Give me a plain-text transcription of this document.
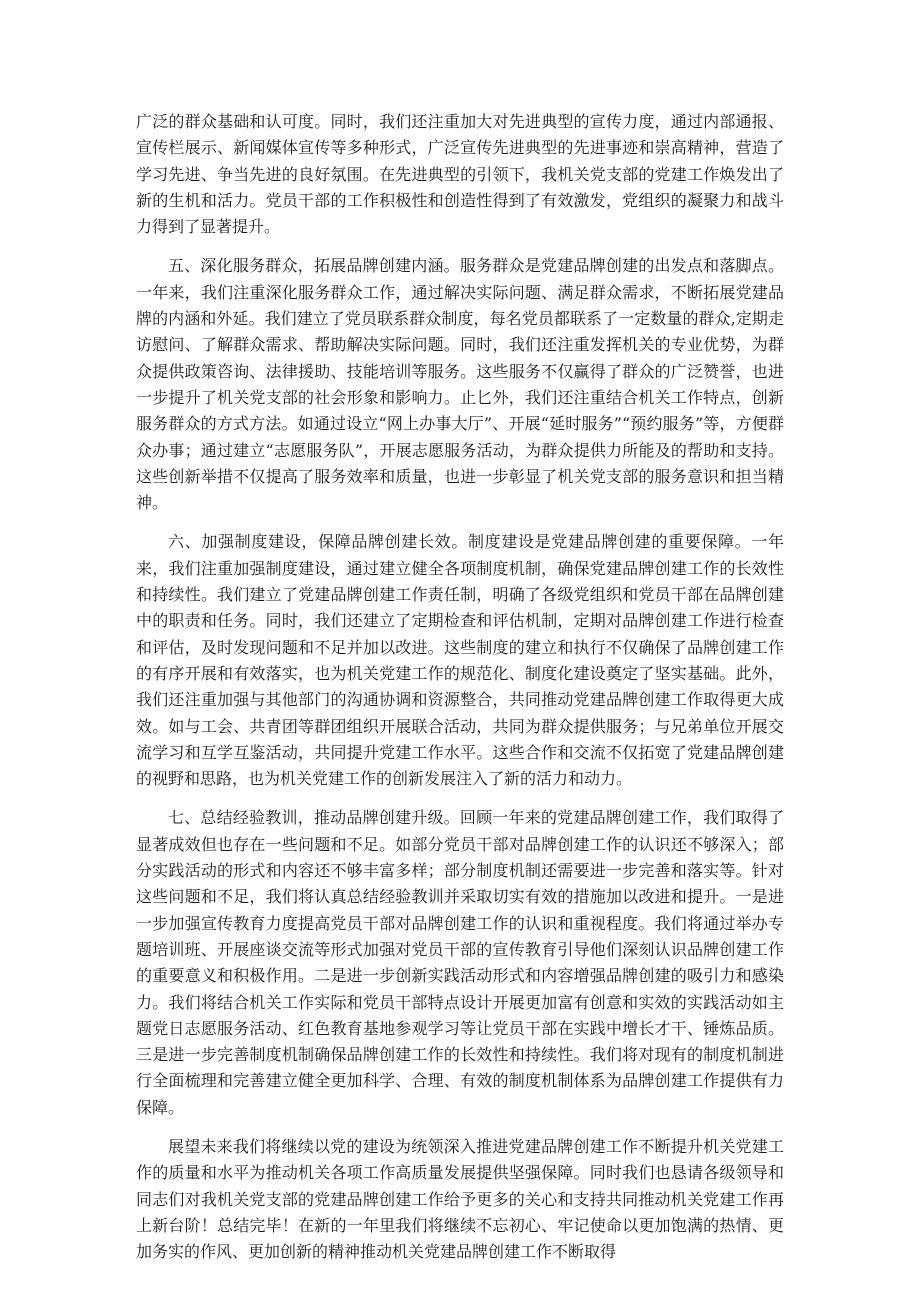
广泛的群众基础和认可度。同时，我们还注重加大对先进典型的宣传力度，通过内部通报、宣传栏展示、新闻媒体宣传等多种形式，广泛宣传先进典型的先进事迹和崇高精神，营造了学习先进、争当先进的良好氛围。在先进典型的引领下，我机关党支部的党建工作焕发出了新的生机和活力。党员干部的工作积极性和创造性得到了有效激发，党组织的凝聚力和战斗力得到了显著提升。

五、深化服务群众，拓展品牌创建内涵。服务群众是党建品牌创建的出发点和落脚点。一年来，我们注重深化服务群众工作，通过解决实际问题、满足群众需求，不断拓展党建品牌的内涵和外延。我们建立了党员联系群众制度，每名党员都联系了一定数量的群众,定期走访慰问、了解群众需求、帮助解决实际问题。同时，我们还注重发挥机关的专业优势，为群众提供政策咨询、法律援助、技能培训等服务。这些服务不仅赢得了群众的广泛赞誉，也进一步提升了机关党支部的社会形象和影响力。止匕外，我们还注重结合机关工作特点，创新服务群众的方式方法。如通过设立“网上办事大厅”、开展“延时服务”“预约服务”等，方便群众办事；通过建立“志愿服务队”，开展志愿服务活动，为群众提供力所能及的帮助和支持。这些创新举措不仅提高了服务效率和质量，也进一步彰显了机关党支部的服务意识和担当精神。

六、加强制度建设，保障品牌创建长效。制度建设是党建品牌创建的重要保障。一年来，我们注重加强制度建设，通过建立健全各项制度机制，确保党建品牌创建工作的长效性和持续性。我们建立了党建品牌创建工作责任制，明确了各级党组织和党员干部在品牌创建中的职责和任务。同时，我们还建立了定期检查和评估机制，定期对品牌创建工作进行检查和评估，及时发现问题和不足并加以改进。这些制度的建立和执行不仅确保了品牌创建工作的有序开展和有效落实，也为机关党建工作的规范化、制度化建设奠定了坚实基础。此外，我们还注重加强与其他部门的沟通协调和资源整合，共同推动党建品牌创建工作取得更大成效。如与工会、共青团等群团组织开展联合活动，共同为群众提供服务；与兄弟单位开展交流学习和互学互鉴活动，共同提升党建工作水平。这些合作和交流不仅拓宽了党建品牌创建的视野和思路，也为机关党建工作的创新发展注入了新的活力和动力。

七、总结经验教训，推动品牌创建升级。回顾一年来的党建品牌创建工作，我们取得了显著成效但也存在一些问题和不足。如部分党员干部对品牌创建工作的认识还不够深入；部分实践活动的形式和内容还不够丰富多样；部分制度机制还需要进一步完善和落实等。针对这些问题和不足，我们将认真总结经验教训并采取切实有效的措施加以改进和提升。一是进一步加强宣传教育力度提高党员干部对品牌创建工作的认识和重视程度。我们将通过举办专题培训班、开展座谈交流等形式加强对党员干部的宣传教育引导他们深刻认识品牌创建工作的重要意义和积极作用。二是进一步创新实践活动形式和内容增强品牌创建的吸引力和感染力。我们将结合机关工作实际和党员干部特点设计开展更加富有创意和实效的实践活动如主题党日志愿服务活动、红色教育基地参观学习等让党员干部在实践中增长才干、锤炼品质。三是进一步完善制度机制确保品牌创建工作的长效性和持续性。我们将对现有的制度机制进行全面梳理和完善建立健全更加科学、合理、有效的制度机制体系为品牌创建工作提供有力保障。

展望未来我们将继续以党的建设为统领深入推进党建品牌创建工作不断提升机关党建工作的质量和水平为推动机关各项工作高质量发展提供坚强保障。同时我们也恳请各级领导和同志们对我机关党支部的党建品牌创建工作给予更多的关心和支持共同推动机关党建工作再上新台阶！总结完毕！在新的一年里我们将继续不忘初心、牢记使命以更加饱满的热情、更加务实的作风、更加创新的精神推动机关党建品牌创建工作不断取得
